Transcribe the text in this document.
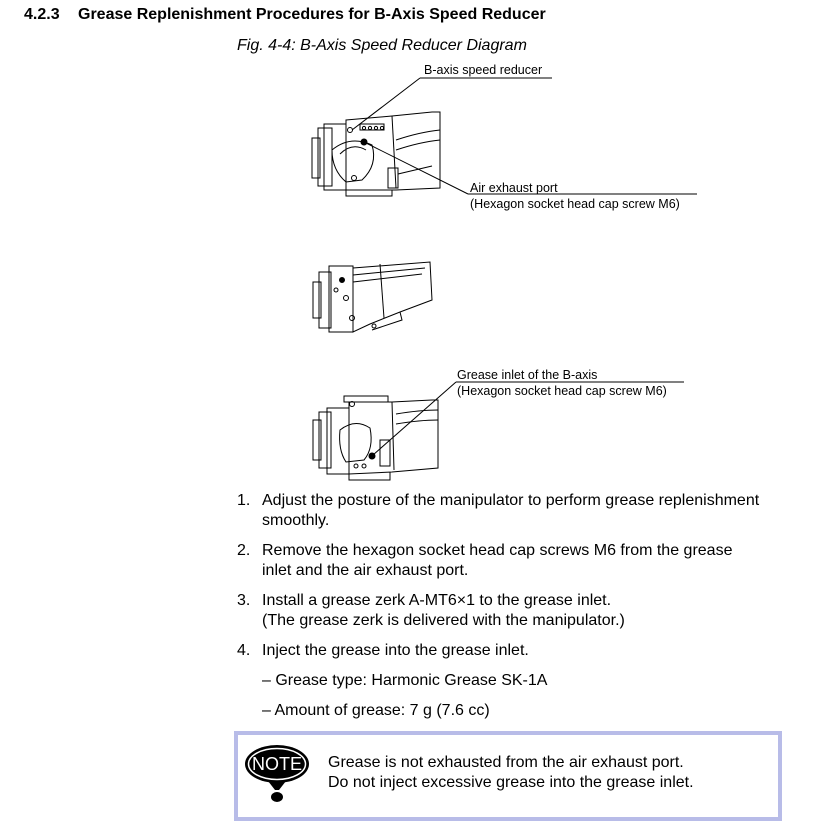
4.2.3 Grease Replenishment Procedures for B-Axis Speed Reducer
Fig. 4-4: B-Axis Speed Reducer Diagram
B-axis speed reducer
Air exhaust port
(Hexagon socket head cap screw M6)
Grease inlet of the B-axis
(Hexagon socket head cap screw M6)
1. Adjust the posture of the manipulator to perform grease replenishment
smoothly.
2. Remove the hexagon socket head cap screws M6 from the grease
inlet and the air exhaust port.
3. Install a grease zerk A-MT6×1 to the grease inlet.
(The grease zerk is delivered with the manipulator.)
4. Inject the grease into the grease inlet.
– Grease type: Harmonic Grease SK-1A
– Amount of grease: 7 g (7.6 cc)
NOTE	Grease is not exhausted from the air exhaust port.
Do not inject excessive grease into the grease inlet.
